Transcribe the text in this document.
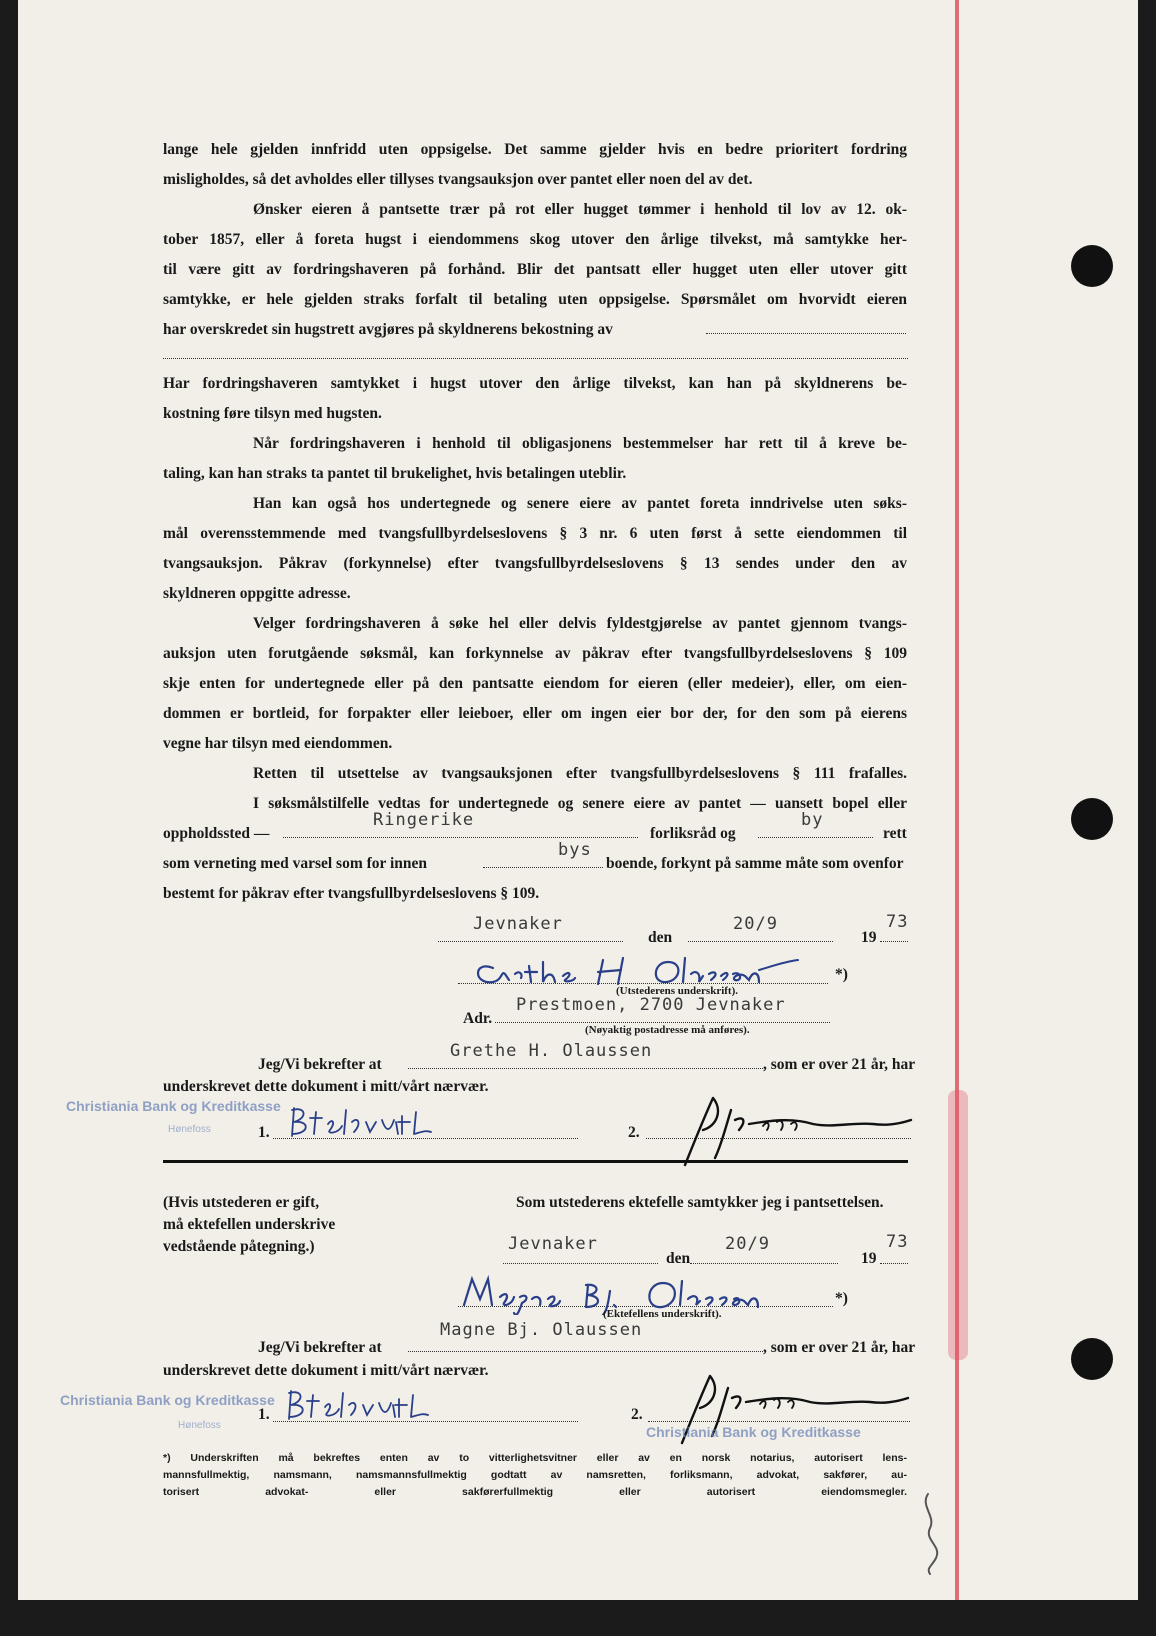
lange hele gjelden innfridd uten oppsigelse. Det samme gjelder hvis en bedre prioritert fordring
misligholdes, så det avholdes eller tillyses tvangsauksjon over pantet eller noen del av det.
Ønsker eieren å pantsette trær på rot eller hugget tømmer i henhold til lov av 12. ok-
tober 1857, eller å foreta hugst i eiendommens skog utover den årlige tilvekst, må samtykke her-
til være gitt av fordringshaveren på forhånd. Blir det pantsatt eller hugget uten eller utover gitt
samtykke, er hele gjelden straks forfalt til betaling uten oppsigelse. Spørsmålet om hvorvidt eieren
har overskredet sin hugstrett avgjøres på skyldnerens bekostning av
Har fordringshaveren samtykket i hugst utover den årlige tilvekst, kan han på skyldnerens be-
kostning føre tilsyn med hugsten.
Når fordringshaveren i henhold til obligasjonens bestemmelser har rett til å kreve be-
taling, kan han straks ta pantet til brukelighet, hvis betalingen uteblir.
Han kan også hos undertegnede og senere eiere av pantet foreta inndrivelse uten søks-
mål overensstemmende med tvangsfullbyrdelseslovens § 3 nr. 6 uten først å sette eiendommen til
tvangsauksjon. Påkrav (forkynnelse) efter tvangsfullbyrdelseslovens § 13 sendes under den av
skyldneren oppgitte adresse.
Velger fordringshaveren å søke hel eller delvis fyldestgjørelse av pantet gjennom tvangs-
auksjon uten forutgående søksmål, kan forkynnelse av påkrav efter tvangsfullbyrdelseslovens § 109
skje enten for undertegnede eller på den pantsatte eiendom for eieren (eller medeier), eller, om eien-
dommen er bortleid, for forpakter eller leieboer, eller om ingen eier bor der, for den som på eierens
vegne har tilsyn med eiendommen.
Retten til utsettelse av tvangsauksjonen efter tvangsfullbyrdelseslovens § 111 frafalles.
I søksmålstilfelle vedtas for undertegnede og senere eiere av pantet — uansett bopel eller
oppholdssted —
Ringerike
forliksråd og
by
rett
som verneting med varsel som for innen
bys
boende, forkynt på samme måte som ovenfor
bestemt for påkrav efter tvangsfullbyrdelseslovens § 109.
Jevnaker
den
20/9
19
73
*)
(Utstederens underskrift).
Adr.
Prestmoen, 2700 Jevnaker
(Nøyaktig postadresse må anføres).
Jeg/Vi bekrefter at
Grethe H. Olaussen
, som er over 21 år, har
underskrevet dette dokument i mitt/vårt nærvær.
Christiania Bank og Kreditkasse
Hønefoss	1.	2.
(Hvis utstederen er gift,
må ektefellen underskrive
vedstående påtegning.)
Som utstederens ektefelle samtykker jeg i pantsettelsen.
Jevnaker
den
20/9
19
73
*)
(Ektefellens underskrift).
Jeg/Vi bekrefter at
Magne Bj. Olaussen
, som er over 21 år, har
underskrevet dette dokument i mitt/vårt nærvær.
Christiania Bank og Kreditkasse
Hønefoss
1.	2.
Christiania Bank og Kreditkasse
*) Underskriften må bekreftes enten av to vitterlighetsvitner eller av en norsk notarius, autorisert lens-
mannsfullmektig, namsmann, namsmannsfullmektig godtatt av namsretten, forliksmann, advokat, sakfører, au-
torisert advokat- eller sakførerfullmektig eller autorisert eiendomsmegler.
